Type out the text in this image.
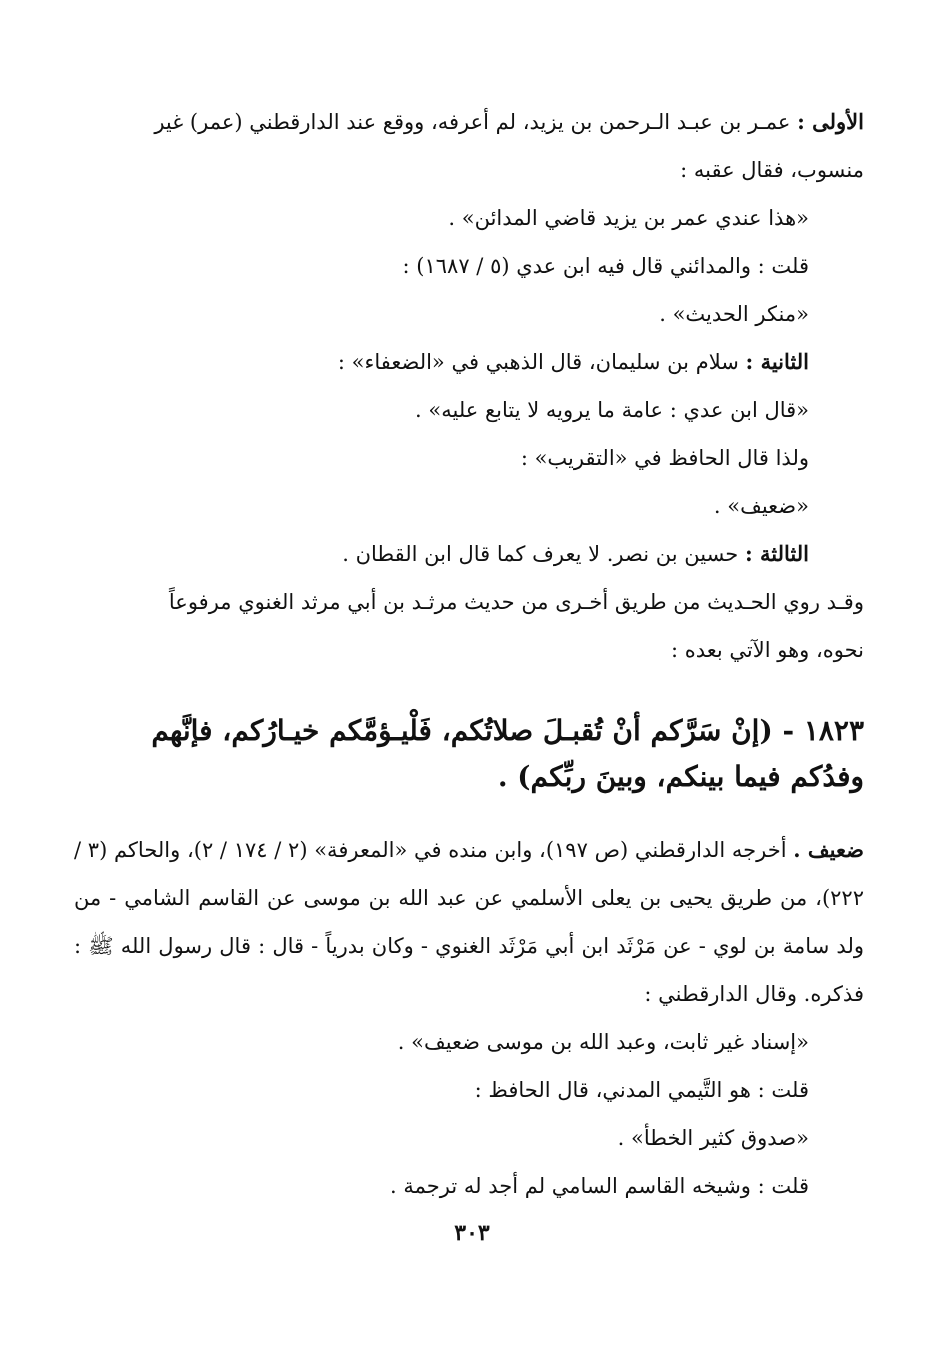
الأولى : عمـر بن عبـد الـرحمن بن يزيد، لم أعرفه، ووقع عند الدارقطني (عمر) غير
منسوب، فقال عقبه :
«هذا عندي عمر بن يزيد قاضي المدائن» .
قلت : والمدائني قال فيه ابن عدي (٥ / ١٦٨٧) :
«منكر الحديث» .
الثانية : سلام بن سليمان، قال الذهبي في «الضعفاء» :
«قال ابن عدي : عامة ما يرويه لا يتابع عليه» .
ولذا قال الحافظ في «التقريب» :
«ضعيف» .
الثالثة : حسين بن نصر. لا يعرف كما قال ابن القطان .
وقـد روي الحـديث من طريق أخـرى من حديث مرثـد بن أبي مرثد الغنوي مرفوعاً
نحوه، وهو الآتي بعده :
١٨٢٣ - (إنْ سَرَّكم أنْ تُقبـلَ صلاتُكم، فَلْيـؤمَّكم خيـارُكم، فإنَّهم وفدُكم فيما بينكم، وبينَ ربِّكم) .
ضعيف . أخرجه الدارقطني (ص ١٩٧)، وابن منده في «المعرفة» (٢ / ١٧٤ / ٢)، والحاكم (٣ / ٢٢٢)، من طريق يحيى بن يعلى الأسلمي عن عبد الله بن موسى عن القاسم الشامي - من ولد سامة بن لوي - عن مَرْثَد ابن أبي مَرْثَد الغنوي - وكان بدرياً - قال : قال رسول الله ﷺ : فذكره. وقال الدارقطني :
«إسناد غير ثابت، وعبد الله بن موسى ضعيف» .
قلت : هو التَّيمي المدني، قال الحافظ :
«صدوق كثير الخطأ» .
قلت : وشيخه القاسم السامي لم أجد له ترجمة .
٣٠٣
